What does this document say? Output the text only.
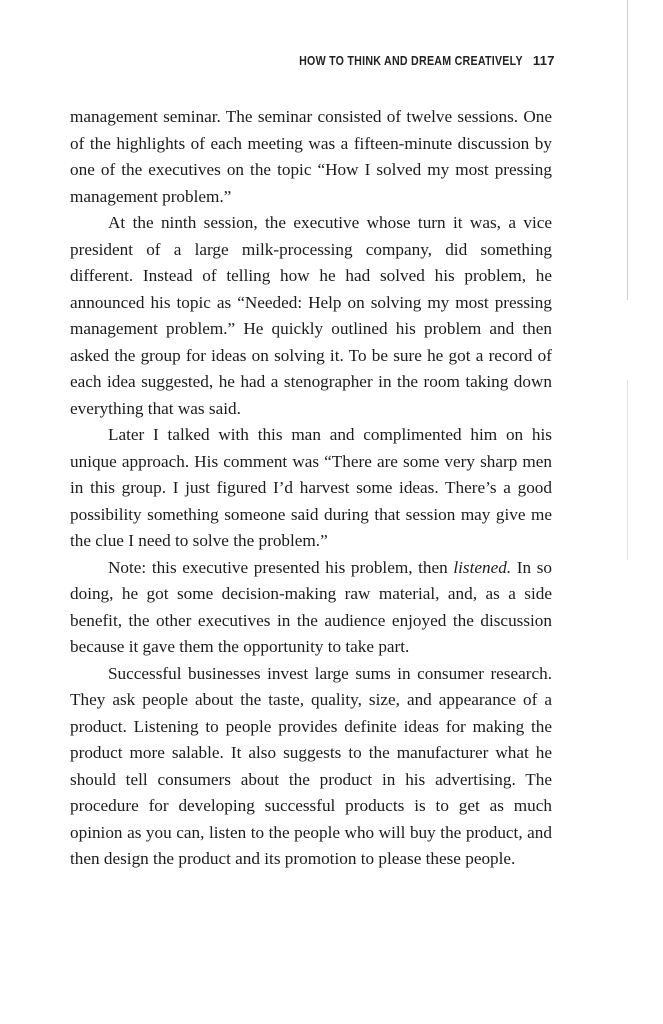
HOW TO THINK AND DREAM CREATIVELY 117

management seminar. The seminar consisted of twelve sessions. One of the highlights of each meeting was a fifteen-minute discussion by one of the executives on the topic “How I solved my most pressing management problem.”

At the ninth session, the executive whose turn it was, a vice president of a large milk-processing company, did something different. Instead of telling how he had solved his problem, he announced his topic as “Needed: Help on solving my most pressing management problem.” He quickly outlined his problem and then asked the group for ideas on solving it. To be sure he got a record of each idea suggested, he had a stenographer in the room taking down everything that was said.

Later I talked with this man and complimented him on his unique approach. His comment was “There are some very sharp men in this group. I just figured I’d harvest some ideas. There’s a good possibility something someone said during that session may give me the clue I need to solve the problem.”

Note: this executive presented his problem, then listened. In so doing, he got some decision-making raw material, and, as a side benefit, the other executives in the audience enjoyed the discussion because it gave them the opportunity to take part.

Successful businesses invest large sums in consumer research. They ask people about the taste, quality, size, and appearance of a product. Listening to people provides definite ideas for making the product more salable. It also suggests to the manufacturer what he should tell consumers about the product in his advertising. The procedure for developing successful products is to get as much opinion as you can, listen to the people who will buy the product, and then design the product and its promotion to please these people.
